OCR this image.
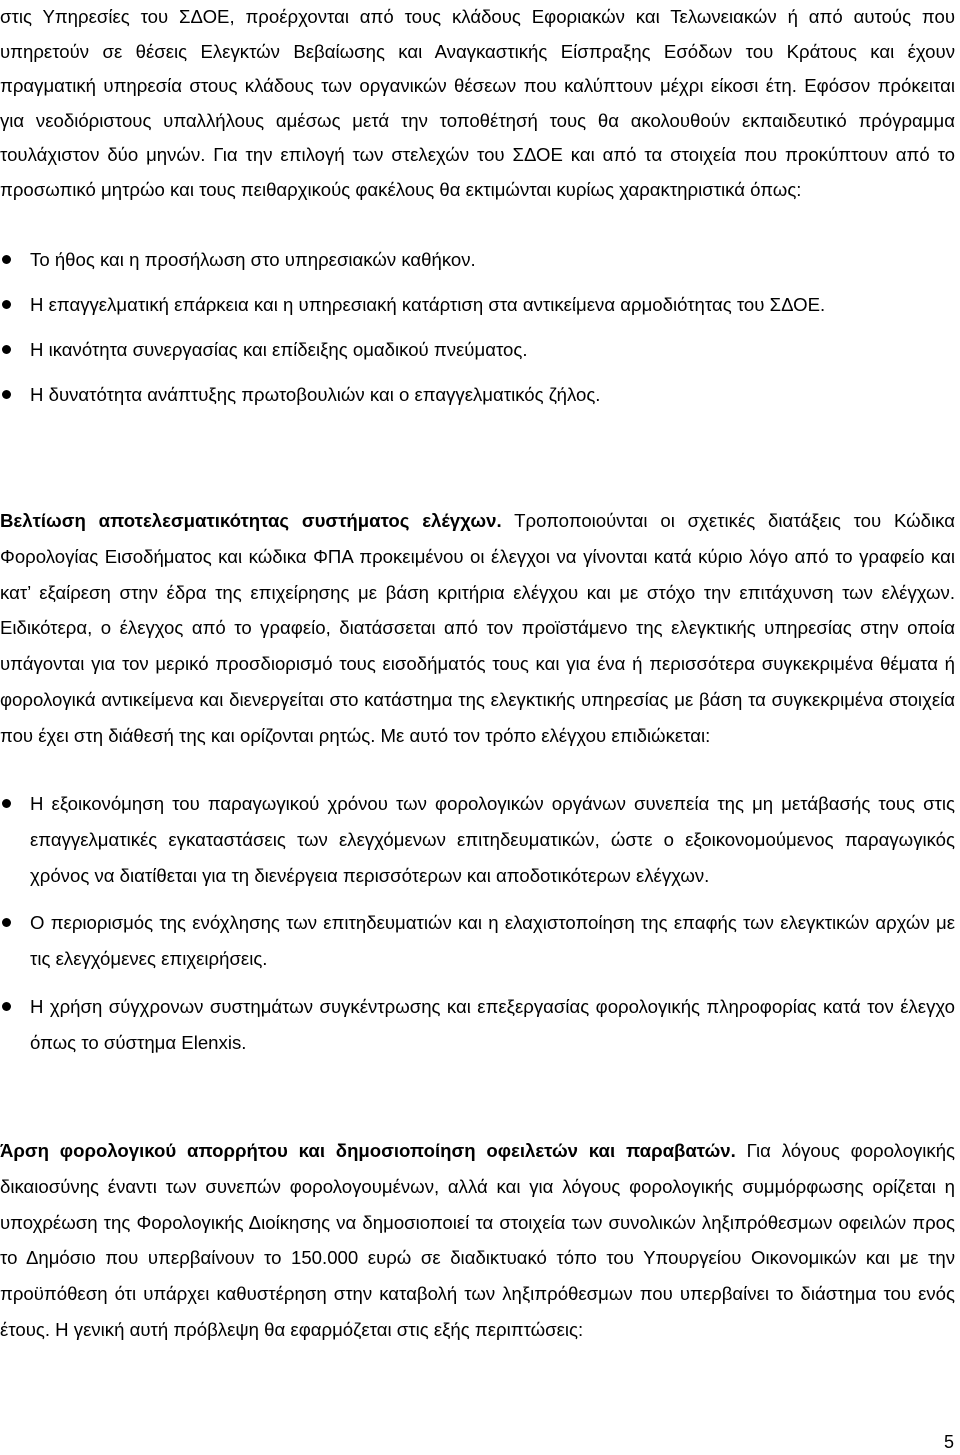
στις Υπηρεσίες του ΣΔΟΕ, προέρχονται από τους κλάδους Εφοριακών και Τελωνειακών ή από αυτούς που υπηρετούν σε θέσεις Ελεγκτών Βεβαίωσης και Αναγκαστικής Είσπραξης Εσόδων του Κράτους και έχουν πραγματική υπηρεσία στους κλάδους των οργανικών θέσεων που καλύπτουν μέχρι είκοσι έτη. Εφόσον πρόκειται για νεοδιόριστους υπαλλήλους αμέσως μετά την τοποθέτησή τους θα ακολουθούν εκπαιδευτικό πρόγραμμα τουλάχιστον δύο μηνών. Για την επιλογή των στελεχών του ΣΔΟΕ και από τα στοιχεία που προκύπτουν από το προσωπικό μητρώο και τους πειθαρχικούς φακέλους θα εκτιμώνται κυρίως χαρακτηριστικά όπως:

Το ήθος και η προσήλωση στο υπηρεσιακών καθήκον.
Η επαγγελματική επάρκεια και η υπηρεσιακή κατάρτιση στα αντικείμενα αρμοδιότητας του ΣΔΟΕ.
Η ικανότητα συνεργασίας και επίδειξης ομαδικού πνεύματος.
Η δυνατότητα ανάπτυξης πρωτοβουλιών και ο επαγγελματικός ζήλος.

Βελτίωση αποτελεσματικότητας συστήματος ελέγχων. Τροποποιούνται οι σχετικές διατάξεις του Κώδικα Φορολογίας Εισοδήματος και κώδικα ΦΠΑ προκειμένου οι έλεγχοι να γίνονται κατά κύριο λόγο από το γραφείο και κατ’ εξαίρεση στην έδρα της επιχείρησης με βάση κριτήρια ελέγχου και με στόχο την επιτάχυνση των ελέγχων. Ειδικότερα, ο έλεγχος από το γραφείο, διατάσσεται από τον προϊστάμενο της ελεγκτικής υπηρεσίας στην οποία υπάγονται για τον μερικό προσδιορισμό τους εισοδήματός τους και για ένα ή περισσότερα συγκεκριμένα θέματα ή φορολογικά αντικείμενα και διενεργείται στο κατάστημα της ελεγκτικής υπηρεσίας με βάση τα συγκεκριμένα στοιχεία που έχει στη διάθεσή της και ορίζονται ρητώς. Με αυτό τον τρόπο ελέγχου επιδιώκεται:

Η εξοικονόμηση του παραγωγικού χρόνου των φορολογικών οργάνων συνεπεία της μη μετάβασής τους στις επαγγελματικές εγκαταστάσεις των ελεγχόμενων επιτηδευματικών, ώστε ο εξοικονομούμενος παραγωγικός χρόνος να διατίθεται για τη διενέργεια περισσότερων και αποδοτικότερων ελέγχων.
Ο περιορισμός της ενόχλησης των επιτηδευματιών και η ελαχιστοποίηση της επαφής των ελεγκτικών αρχών με τις ελεγχόμενες επιχειρήσεις.
Η χρήση σύγχρονων συστημάτων συγκέντρωσης και επεξεργασίας φορολογικής πληροφορίας κατά τον έλεγχο όπως το σύστημα Elenxis.

Άρση φορολογικού απορρήτου και δημοσιοποίηση οφειλετών και παραβατών. Για λόγους φορολογικής δικαιοσύνης έναντι των συνεπών φορολογουμένων, αλλά και για λόγους φορολογικής συμμόρφωσης ορίζεται η υποχρέωση της Φορολογικής Διοίκησης να δημοσιοποιεί τα στοιχεία των συνολικών ληξιπρόθεσμων οφειλών προς το Δημόσιο που υπερβαίνουν το 150.000 ευρώ σε διαδικτυακό τόπο του Υπουργείου Οικονομικών και με την προϋπόθεση ότι υπάρχει καθυστέρηση στην καταβολή των ληξιπρόθεσμων που υπερβαίνει το διάστημα του ενός έτους. Η γενική αυτή πρόβλεψη θα εφαρμόζεται στις εξής περιπτώσεις:

5
